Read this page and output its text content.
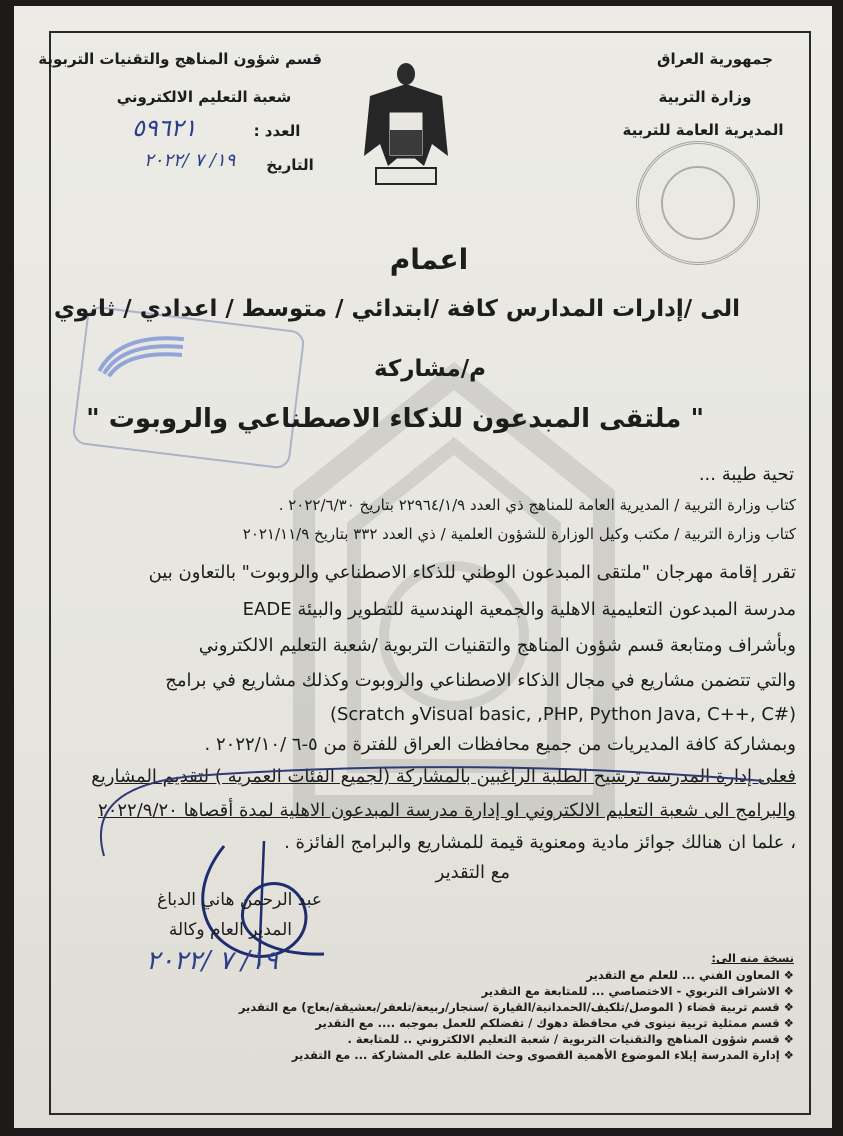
جمهورية العراق
وزارة التربية
المديرية العامة للتربية
قسم شؤون المناهج والتقنيات التربوية
شعبة التعليم الالكتروني
العدد :
٥٩٦٢١
التاريخ
١٩/ ٧ /٢٠٢٢
اعمام
الى /إدارات المدارس كافة /ابتدائي / متوسط / اعدادي / ثانوي
م/مشاركة
" ملتقى المبدعون للذكاء الاصطناعي والروبوت "
تحية طيبة ...
كتاب وزارة التربية / المديرية العامة للمناهج ذي العدد ٢٢٩٦٤/١/٩ بتاريخ ٢٠٢٢/٦/٣٠ .
كتاب وزارة التربية / مكتب وكيل الوزارة للشؤون العلمية / ذي العدد ٣٣٢ بتاريخ ٢٠٢١/١١/٩
تقرر إقامة مهرجان "ملتقى المبدعون الوطني للذكاء الاصطناعي والروبوت" بالتعاون بين
مدرسة المبدعون التعليمية الاهلية والجمعية الهندسية للتطوير والبيئة EADE
وبأشراف ومتابعة قسم شؤون المناهج والتقنيات التربوية /شعبة التعليم الالكتروني
والتي تتضمن مشاريع في مجال الذكاء الاصطناعي والروبوت وكذلك مشاريع في برامج
(Scratch وVisual basic, ,PHP, Python Java, C++, C#)
وبمشاركة كافة المديريات من جميع محافظات العراق للفترة من ٥-٦ /٢٠٢٢/١٠ .
فعلى إدارة المدرسة ترشيح الطلبة الراغبين بالمشاركة (لجميع الفئات العمرية ) لتقديم المشاريع
والبرامج الى شعبة التعليم الالكتروني او إدارة مدرسة المبدعون الاهلية لمدة أقصاها ٢٠٢٢/٩/٢٠
، علما ان هنالك جوائز مادية ومعنوية قيمة للمشاريع والبرامج الفائزة .
مع التقدير
عبد الرحمن هاني الدباغ
المدير العام وكالة
١٩/ ٧ /٢٠٢٢	نسخة منه الى:
❖ المعاون الفني ... للعلم مع التقدير
❖ الاشراف التربوي - الاختصاصي ... للمتابعة مع التقدير
❖ قسم تربية قضاء ( الموصل/تلكيف/الحمدانية/القيارة /سنجار/ربيعة/تلعفر/بعشيقة/بعاج) مع التقدير
❖ قسم ممثلية تربية نينوى في محافظة دهوك / تفضلكم للعمل بموجبه .... مع التقدير
❖ قسم شؤون المناهج والتقنيات التربوية / شعبة التعليم الالكتروني .. للمتابعة .
❖ إدارة المدرسة إيلاء الموضوع الأهمية القصوى وحث الطلبة على المشاركة ... مع التقدير
